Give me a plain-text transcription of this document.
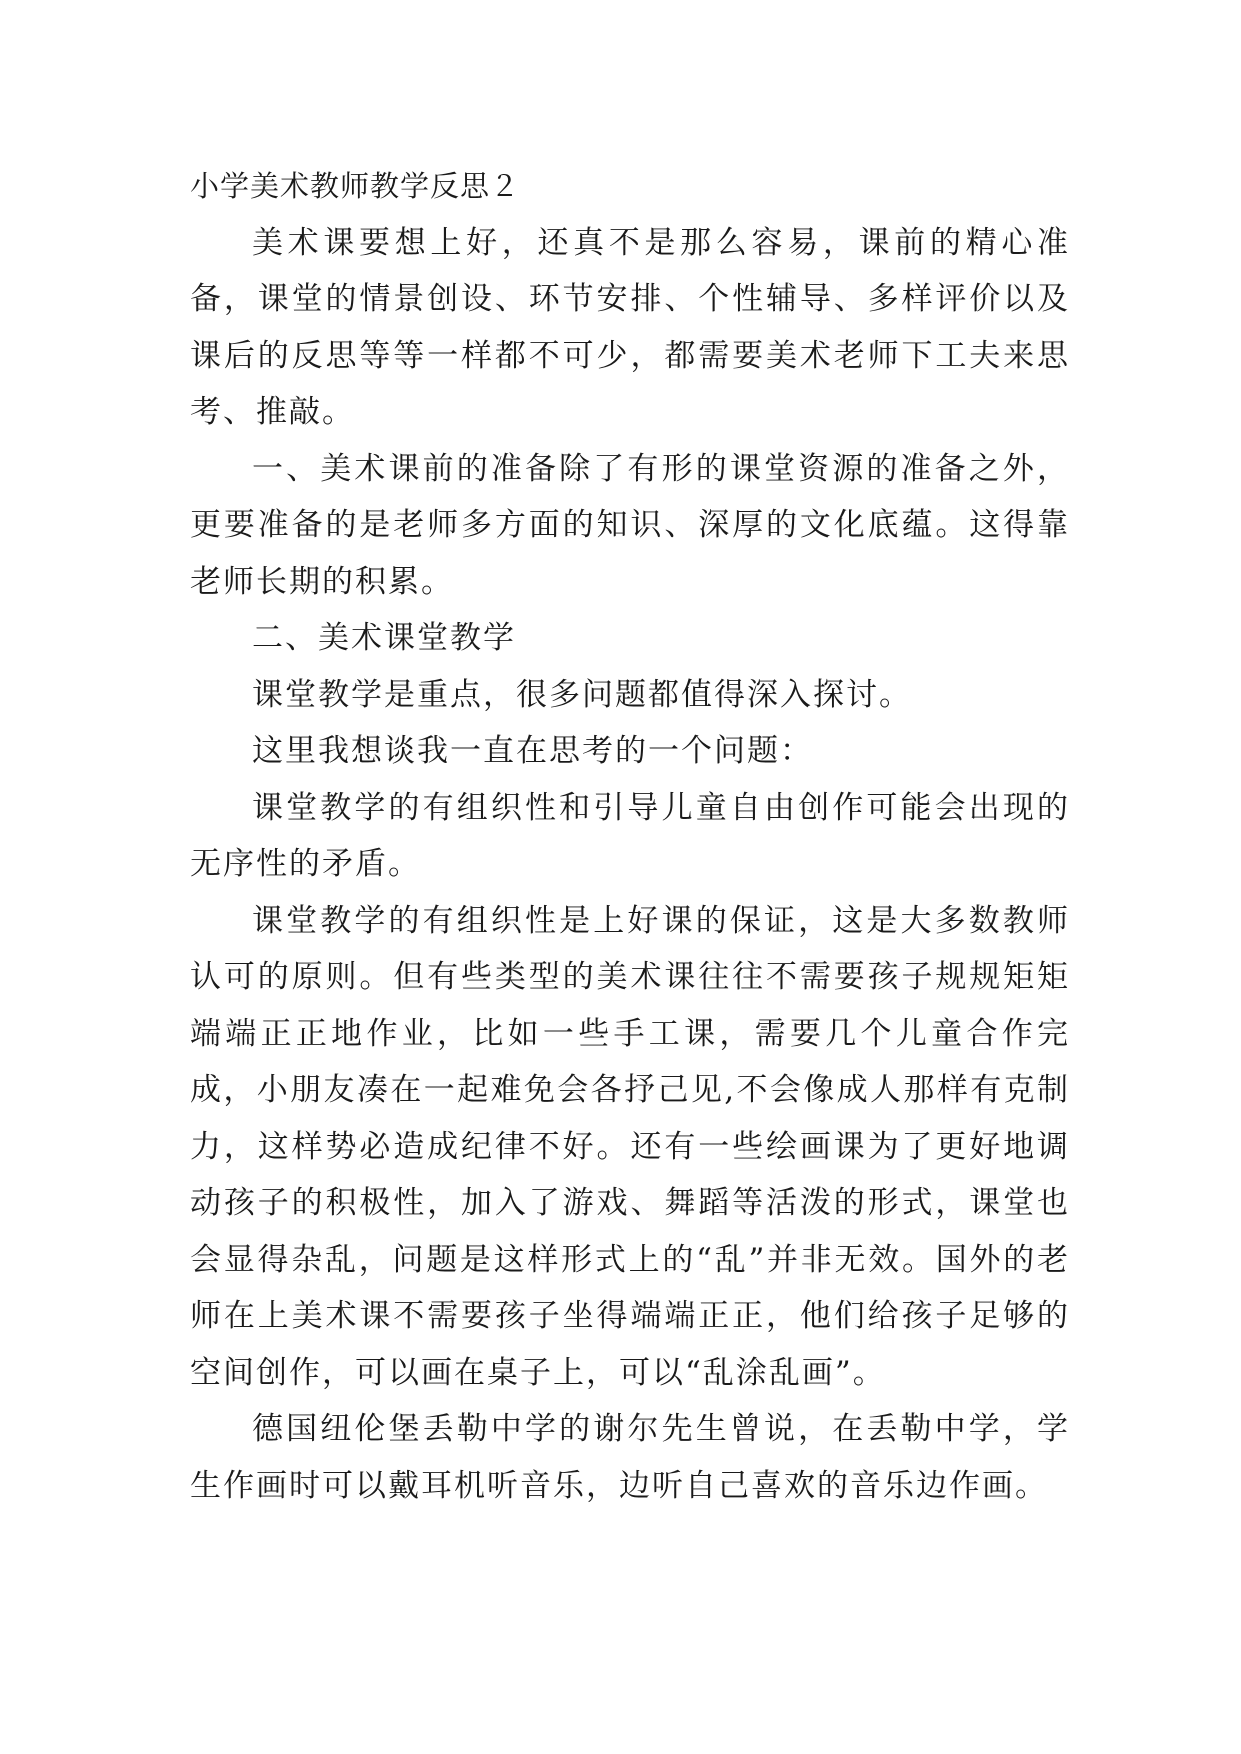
小学美术教师教学反思２

美术课要想上好，还真不是那么容易，课前的精心准备，课堂的情景创设、环节安排、个性辅导、多样评价以及课后的反思等等一样都不可少，都需要美术老师下工夫来思考、推敲。

一、美术课前的准备除了有形的课堂资源的准备之外，更要准备的是老师多方面的知识、深厚的文化底蕴。这得靠老师长期的积累。

二、美术课堂教学

课堂教学是重点，很多问题都值得深入探讨。

这里我想谈我一直在思考的一个问题：

课堂教学的有组织性和引导儿童自由创作可能会出现的无序性的矛盾。

课堂教学的有组织性是上好课的保证，这是大多数教师认可的原则。但有些类型的美术课往往不需要孩子规规矩矩端端正正地作业，比如一些手工课，需要几个儿童合作完成，小朋友凑在一起难免会各抒己见,不会像成人那样有克制力，这样势必造成纪律不好。还有一些绘画课为了更好地调动孩子的积极性，加入了游戏、舞蹈等活泼的形式，课堂也会显得杂乱，问题是这样形式上的“乱”并非无效。国外的老师在上美术课不需要孩子坐得端端正正，他们给孩子足够的空间创作，可以画在桌子上，可以“乱涂乱画”。

德国纽伦堡丢勒中学的谢尔先生曾说，在丢勒中学，学生作画时可以戴耳机听音乐，边听自己喜欢的音乐边作画。
